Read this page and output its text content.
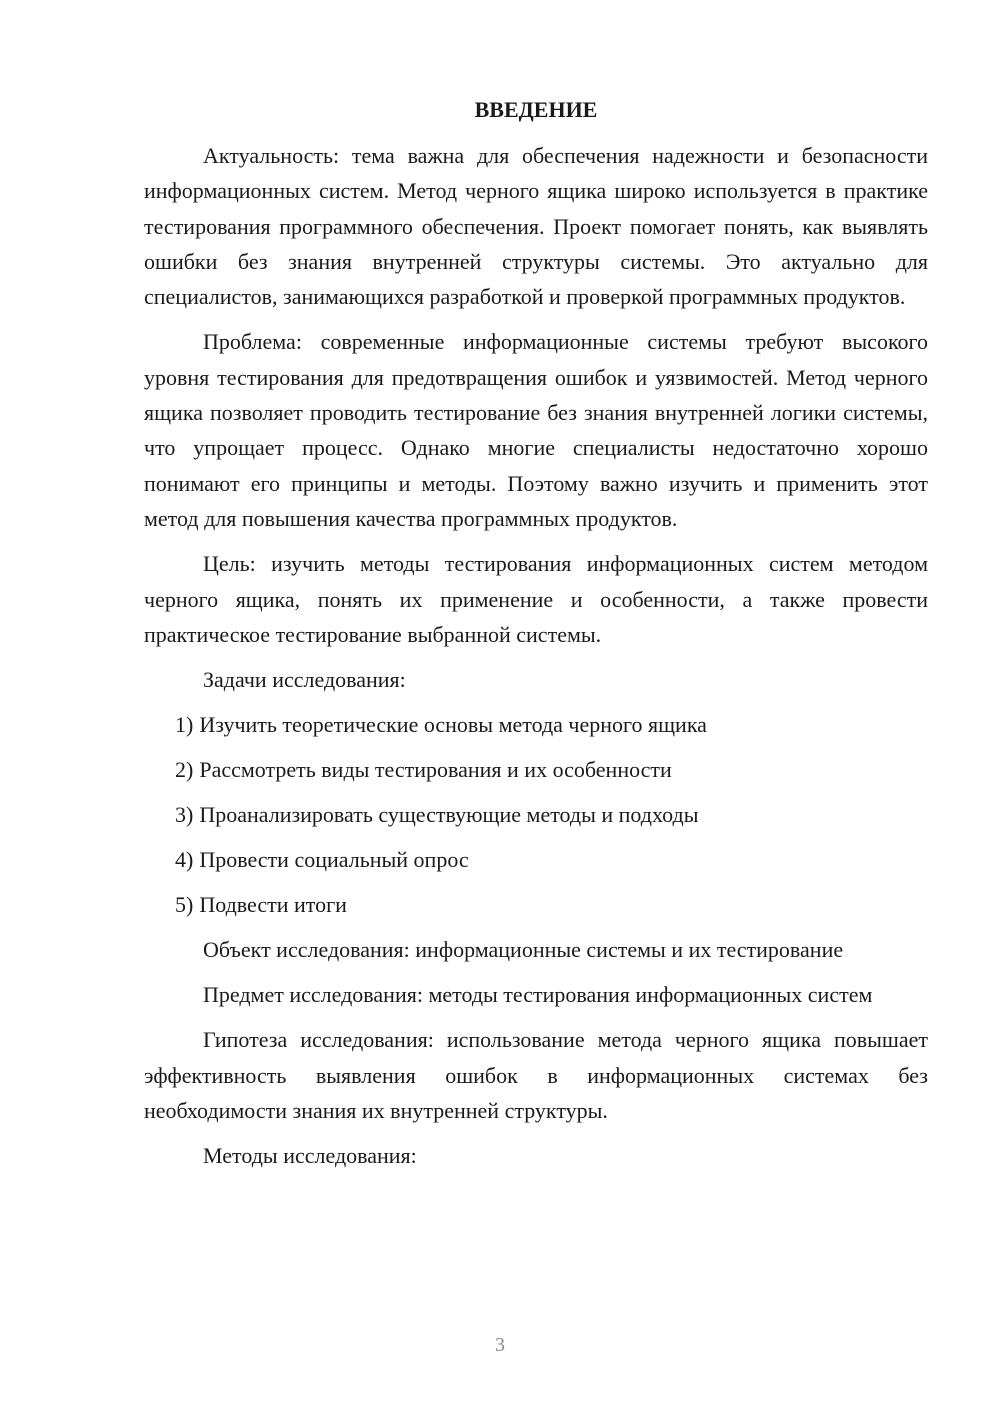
ВВЕДЕНИЕ

Актуальность: тема важна для обеспечения надежности и безопасности информационных систем. Метод черного ящика широко используется в практике тестирования программного обеспечения. Проект помогает понять, как выявлять ошибки без знания внутренней структуры системы. Это актуально для специалистов, занимающихся разработкой и проверкой программных продуктов.

Проблема: современные информационные системы требуют высокого уровня тестирования для предотвращения ошибок и уязвимостей. Метод черного ящика позволяет проводить тестирование без знания внутренней логики системы, что упрощает процесс. Однако многие специалисты недостаточно хорошо понимают его принципы и методы. Поэтому важно изучить и применить этот метод для повышения качества программных продуктов.

Цель: изучить методы тестирования информационных систем методом черного ящика, понять их применение и особенности, а также провести практическое тестирование выбранной системы.

Задачи исследования:

1) Изучить теоретические основы метода черного ящика
2) Рассмотреть виды тестирования и их особенности
3) Проанализировать существующие методы и подходы
4) Провести социальный опрос
5) Подвести итоги

Объект исследования: информационные системы и их тестирование

Предмет исследования: методы тестирования информационных систем

Гипотеза исследования: использование метода черного ящика повышает эффективность выявления ошибок в информационных системах без необходимости знания их внутренней структуры.

Методы исследования:

3
